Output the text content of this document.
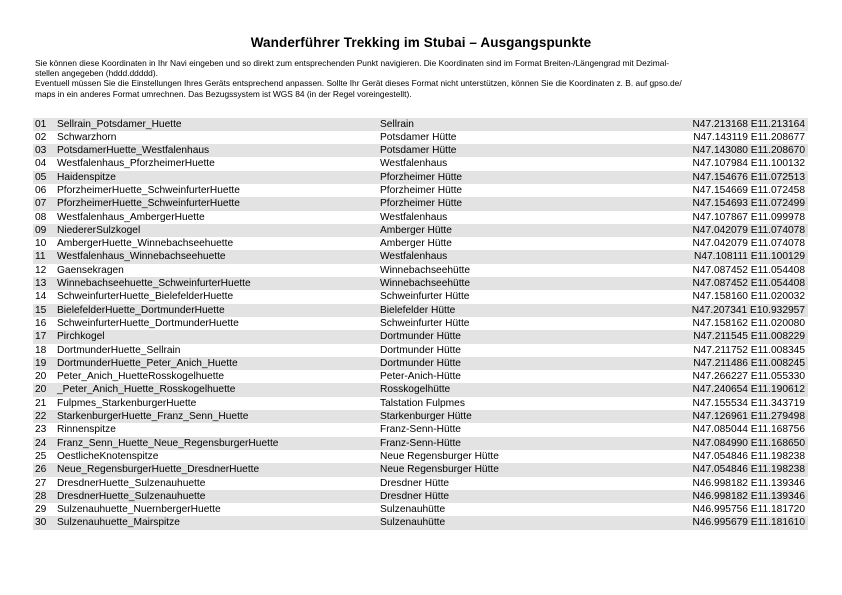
Wanderführer Trekking im Stubai – Ausgangspunkte

Sie können diese Koordinaten in Ihr Navi eingeben und so direkt zum entsprechenden Punkt navigieren. Die Koordinaten sind im Format Breiten-/Längengrad mit Dezimal-

stellen angegeben (hddd.ddddd).

Eventuell müssen Sie die Einstellungen Ihres Geräts entsprechend anpassen. Sollte Ihr Gerät dieses Format nicht unterstützen, können Sie die Koordinaten z. B. auf gpso.de/

maps in ein anderes Format umrechnen. Das Bezugssystem ist WGS 84 (in der Regel voreingestellt).

01	Sellrain_Potsdamer_Huette	Sellrain	N47.213168 E11.213164
02	Schwarzhorn	Potsdamer Hütte	N47.143119 E11.208677
03	PotsdamerHuette_Westfalenhaus	Potsdamer Hütte	N47.143080 E11.208670
04	Westfalenhaus_PforzheimerHuette	Westfalenhaus	N47.107984 E11.100132
05	Haidenspitze	Pforzheimer Hütte	N47.154676 E11.072513
06	PforzheimerHuette_SchweinfurterHuette	Pforzheimer Hütte	N47.154669 E11.072458
07	PforzheimerHuette_SchweinfurterHuette	Pforzheimer Hütte	N47.154693 E11.072499
08	Westfalenhaus_AmbergerHuette	Westfalenhaus	N47.107867 E11.099978
09	NiedererSulzkogel	Amberger Hütte	N47.042079 E11.074078
10	AmbergerHuette_Winnebachseehuette	Amberger Hütte	N47.042079 E11.074078
11	Westfalenhaus_Winnebachseehuette	Westfalenhaus	N47.108111 E11.100129
12	Gaensekragen	Winnebachseehütte	N47.087452 E11.054408
13	Winnebachseehuette_SchweinfurterHuette	Winnebachseehütte	N47.087452 E11.054408
14	SchweinfurterHuette_BielefelderHuette	Schweinfurter Hütte	N47.158160 E11.020032
15	BielefelderHuette_DortmunderHuette	Bielefelder Hütte	N47.207341 E10.932957
16	SchweinfurterHuette_DortmunderHuette	Schweinfurter Hütte	N47.158162 E11.020080
17	Pirchkogel	Dortmunder Hütte	N47.211545 E11.008229
18	DortmunderHuette_Sellrain	Dortmunder Hütte	N47.211752 E11.008345
19	DortmunderHuette_Peter_Anich_Huette	Dortmunder Hütte	N47.211486 E11.008245
20	Peter_Anich_HuetteRosskogelhuette	Peter-Anich-Hütte	N47.266227 E11.055330
20	_Peter_Anich_Huette_Rosskogelhuette	Rosskogelhütte	N47.240654 E11.190612
21	Fulpmes_StarkenburgerHuette	Talstation Fulpmes	N47.155534 E11.343719
22	StarkenburgerHuette_Franz_Senn_Huette	Starkenburger Hütte	N47.126961 E11.279498
23	Rinnenspitze	Franz-Senn-Hütte	N47.085044 E11.168756
24	Franz_Senn_Huette_Neue_RegensburgerHuette	Franz-Senn-Hütte	N47.084990 E11.168650
25	OestlicheKnotenspitze	Neue Regensburger Hütte	N47.054846 E11.198238
26	Neue_RegensburgerHuette_DresdnerHuette	Neue Regensburger Hütte	N47.054846 E11.198238
27	DresdnerHuette_Sulzenauhuette	Dresdner Hütte	N46.998182 E11.139346
28	DresdnerHuette_Sulzenauhuette	Dresdner Hütte	N46.998182 E11.139346
29	Sulzenauhuette_NuernbergerHuette	Sulzenauhütte	N46.995756 E11.181720
30	Sulzenauhuette_Mairspitze	Sulzenauhütte	N46.995679 E11.181610
